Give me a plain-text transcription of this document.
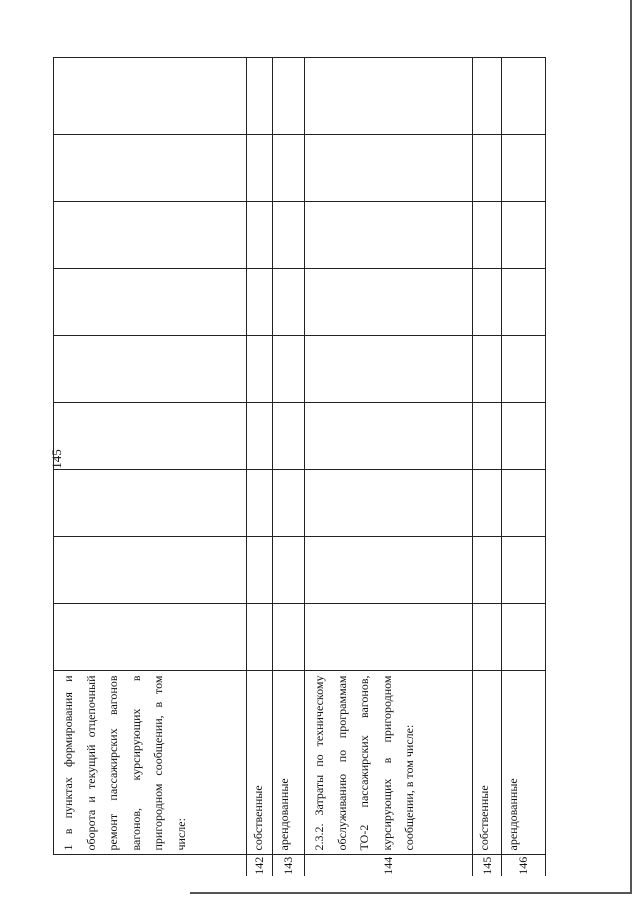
145
	1 в пунктах формирования и оборота и текущий отцепочный ремонт пассажирских вагонов вагонов, курсирующих в пригородном сообщении, в том числе:									
142	собственные									
143	арендованные									
144	2.3.2. Затраты по техническому обслуживанию по программам ТО-2 пассажирских вагонов, курсирующих в пригородном сообщении, в том числе:									
145	собственные									
146	арендованные									
